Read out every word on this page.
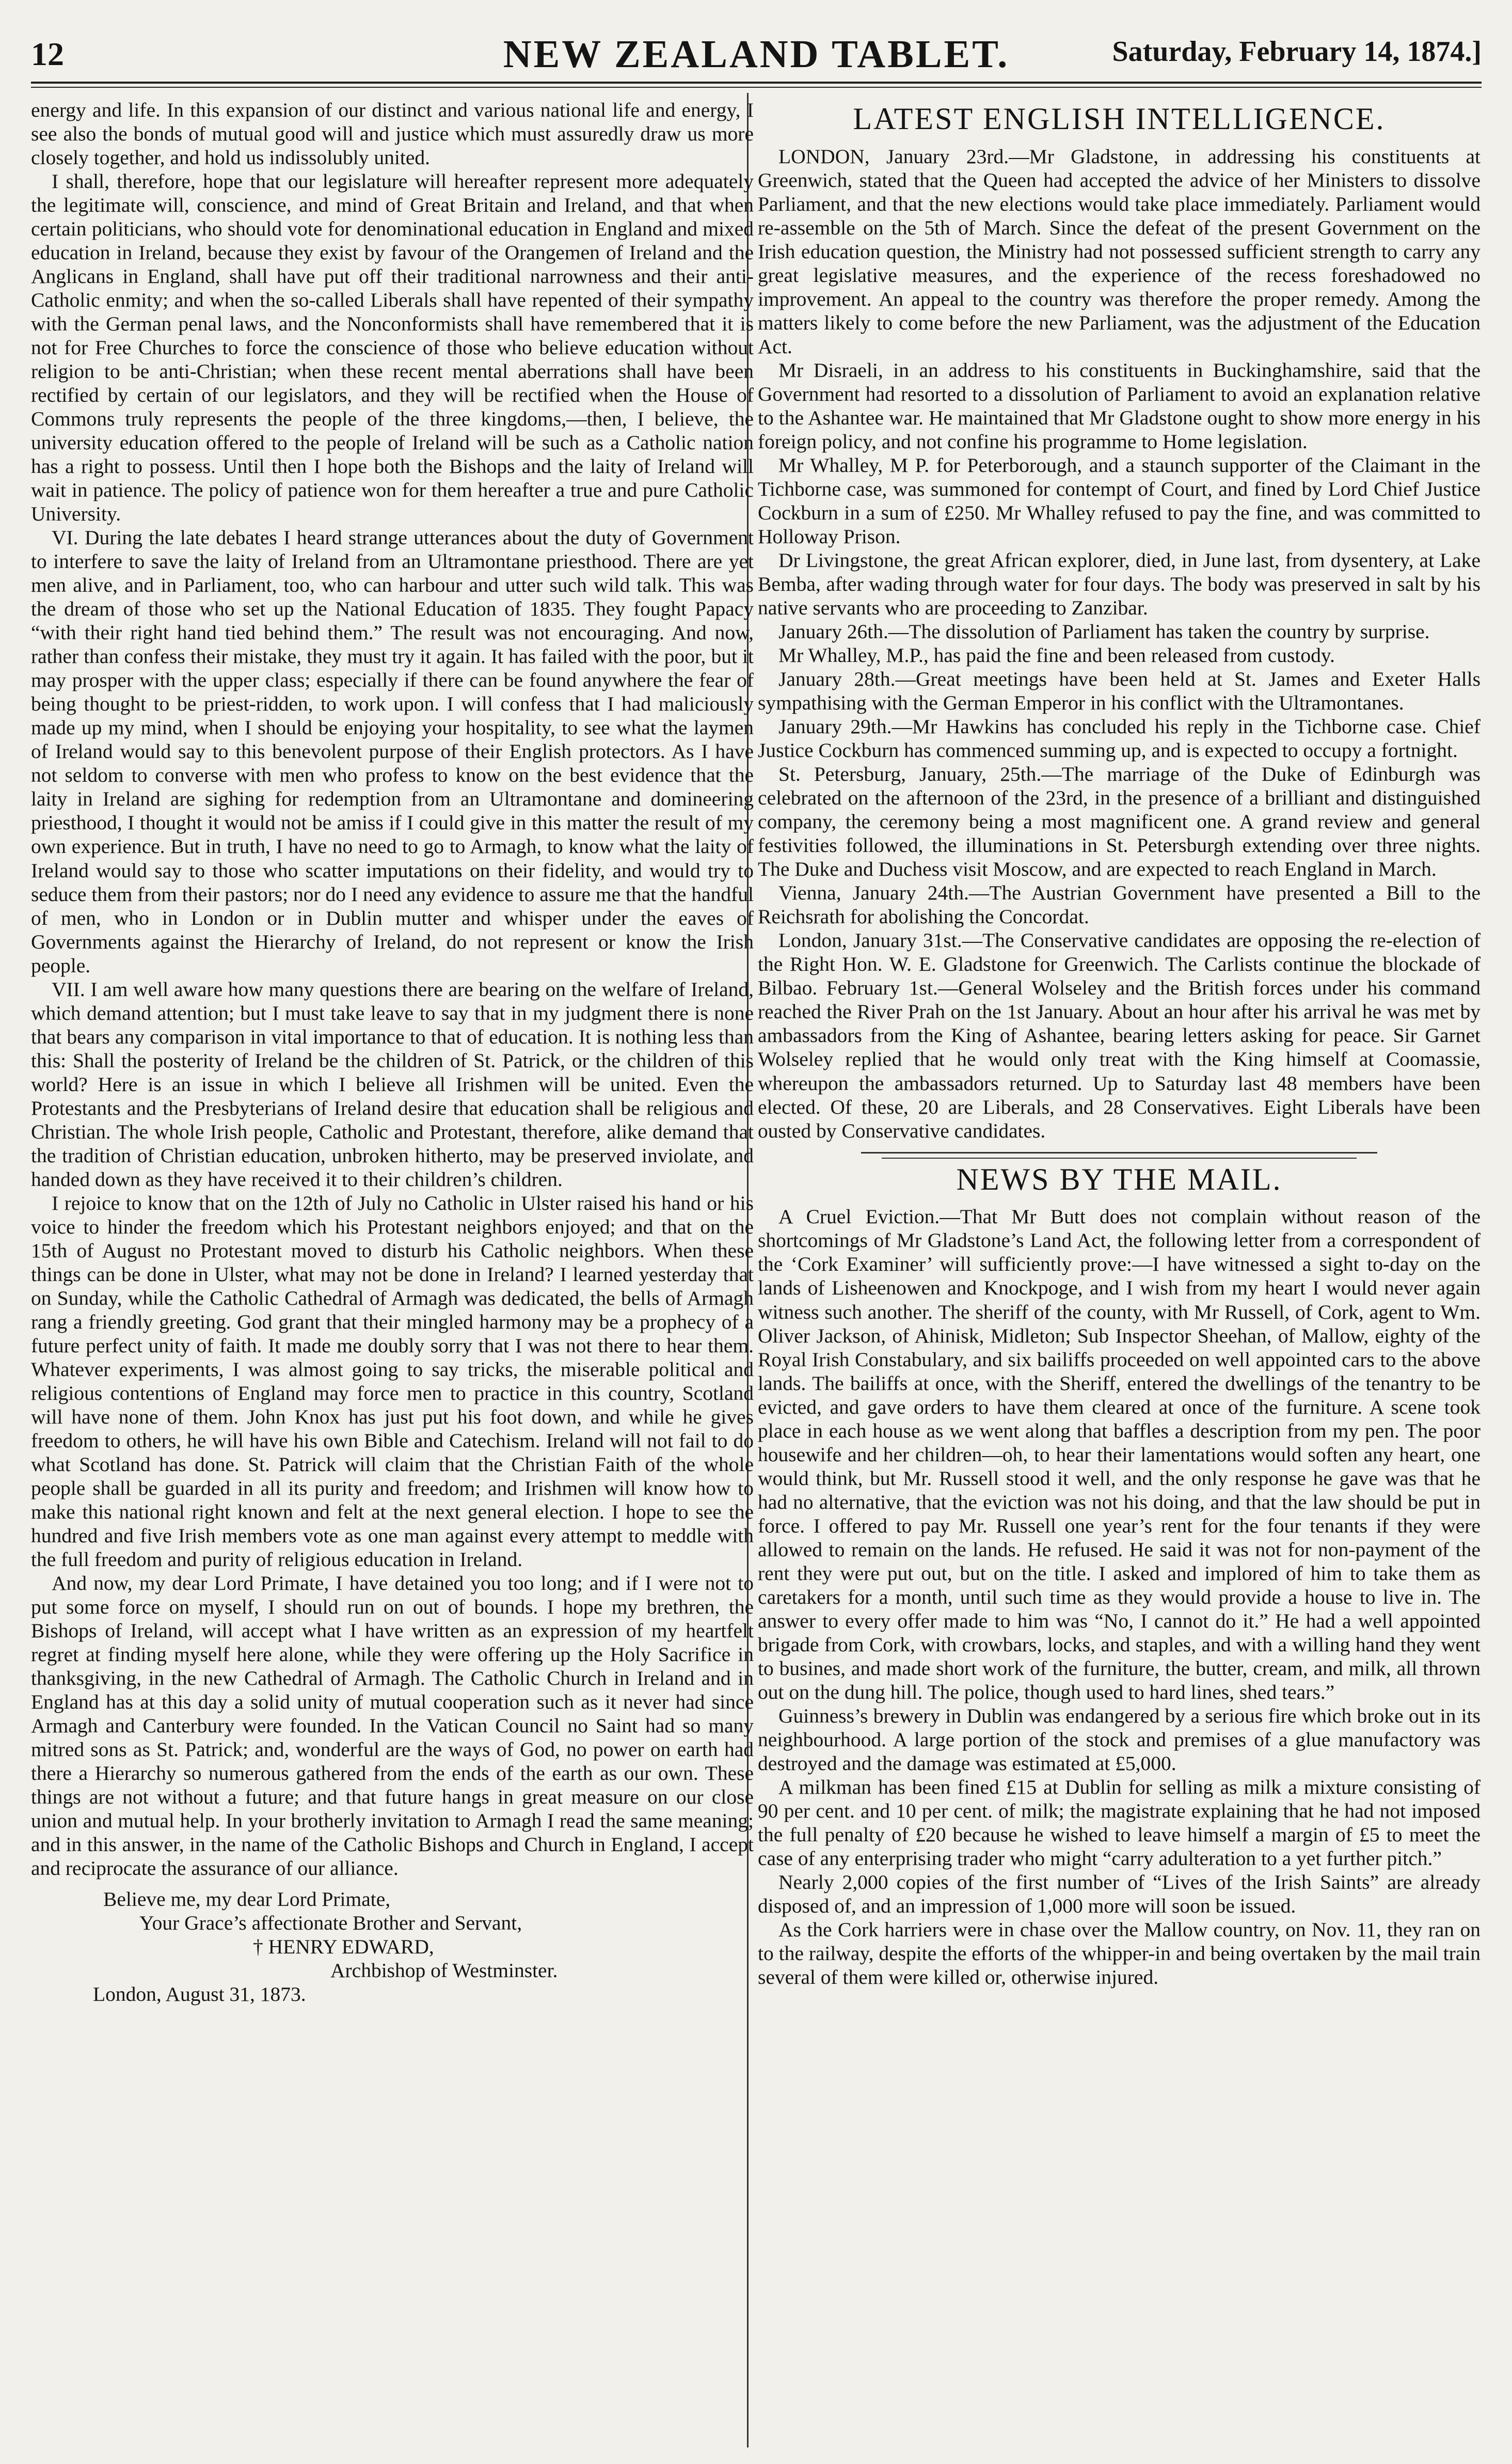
12	NEW ZEALAND TABLET.	Saturday, February 14, 1874.]

energy and life. In this expansion of our distinct and various national life and energy, I see also the bonds of mutual good will and justice which must assuredly draw us more closely together, and hold us indissolubly united.

I shall, therefore, hope that our legislature will hereafter represent more adequately the legitimate will, conscience, and mind of Great Britain and Ireland, and that when certain politicians, who should vote for denominational education in England and mixed education in Ireland, because they exist by favour of the Orangemen of Ireland and the Anglicans in England, shall have put off their traditional narrowness and their anti-Catholic enmity; and when the so-called Liberals shall have repented of their sympathy with the German penal laws, and the Nonconformists shall have remembered that it is not for Free Churches to force the conscience of those who believe education without religion to be anti-Christian; when these recent mental aberrations shall have been rectified by certain of our legislators, and they will be rectified when the House of Commons truly represents the people of the three kingdoms,—then, I believe, the university education offered to the people of Ireland will be such as a Catholic nation has a right to possess. Until then I hope both the Bishops and the laity of Ireland will wait in patience. The policy of patience won for them hereafter a true and pure Catholic University.

VI. During the late debates I heard strange utterances about the duty of Government to interfere to save the laity of Ireland from an Ultramontane priesthood. There are yet men alive, and in Parliament, too, who can harbour and utter such wild talk. This was the dream of those who set up the National Education of 1835. They fought Papacy “with their right hand tied behind them.” The result was not encouraging. And now, rather than confess their mistake, they must try it again. It has failed with the poor, but it may prosper with the upper class; especially if there can be found anywhere the fear of being thought to be priest-ridden, to work upon. I will confess that I had maliciously made up my mind, when I should be enjoying your hospitality, to see what the laymen of Ireland would say to this benevolent purpose of their English protectors. As I have not seldom to converse with men who profess to know on the best evidence that the laity in Ireland are sighing for redemption from an Ultramontane and domineering priesthood, I thought it would not be amiss if I could give in this matter the result of my own experience. But in truth, I have no need to go to Armagh, to know what the laity of Ireland would say to those who scatter imputations on their fidelity, and would try to seduce them from their pastors; nor do I need any evidence to assure me that the handful of men, who in London or in Dublin mutter and whisper under the eaves of Governments against the Hierarchy of Ireland, do not represent or know the Irish people.

VII. I am well aware how many questions there are bearing on the welfare of Ireland, which demand attention; but I must take leave to say that in my judgment there is none that bears any comparison in vital importance to that of education. It is nothing less than this: Shall the posterity of Ireland be the children of St. Patrick, or the children of this world? Here is an issue in which I believe all Irishmen will be united. Even the Protestants and the Presbyterians of Ireland desire that education shall be religious and Christian. The whole Irish people, Catholic and Protestant, therefore, alike demand that the tradition of Christian education, unbroken hitherto, may be preserved inviolate, and handed down as they have received it to their children’s children.

I rejoice to know that on the 12th of July no Catholic in Ulster raised his hand or his voice to hinder the freedom which his Protestant neighbors enjoyed; and that on the 15th of August no Protestant moved to disturb his Catholic neighbors. When these things can be done in Ulster, what may not be done in Ireland? I learned yesterday that on Sunday, while the Catholic Cathedral of Armagh was dedicated, the bells of Armagh rang a friendly greeting. God grant that their mingled harmony may be a prophecy of a future perfect unity of faith. It made me doubly sorry that I was not there to hear them. Whatever experiments, I was almost going to say tricks, the miserable political and religious contentions of England may force men to practice in this country, Scotland will have none of them. John Knox has just put his foot down, and while he gives freedom to others, he will have his own Bible and Catechism. Ireland will not fail to do what Scotland has done. St. Patrick will claim that the Christian Faith of the whole people shall be guarded in all its purity and freedom; and Irishmen will know how to make this national right known and felt at the next general election. I hope to see the hundred and five Irish members vote as one man against every attempt to meddle with the full freedom and purity of religious education in Ireland.

And now, my dear Lord Primate, I have detained you too long; and if I were not to put some force on myself, I should run on out of bounds. I hope my brethren, the Bishops of Ireland, will accept what I have written as an expression of my heartfelt regret at finding myself here alone, while they were offering up the Holy Sacrifice in thanksgiving, in the new Cathedral of Armagh. The Catholic Church in Ireland and in England has at this day a solid unity of mutual cooperation such as it never had since Armagh and Canterbury were founded. In the Vatican Council no Saint had so many mitred sons as St. Patrick; and, wonderful are the ways of God, no power on earth had there a Hierarchy so numerous gathered from the ends of the earth as our own. These things are not without a future; and that future hangs in great measure on our close union and mutual help. In your brotherly invitation to Armagh I read the same meaning; and in this answer, in the name of the Catholic Bishops and Church in England, I accept and reciprocate the assurance of our alliance.

Believe me, my dear Lord Primate,

Your Grace’s affectionate Brother and Servant,

† HENRY EDWARD,

Archbishop of Westminster.

London, August 31, 1873.

LATEST ENGLISH INTELLIGENCE.

LONDON, January 23rd.—Mr Gladstone, in addressing his constituents at Greenwich, stated that the Queen had accepted the advice of her Ministers to dissolve Parliament, and that the new elections would take place immediately. Parliament would re-assemble on the 5th of March. Since the defeat of the present Government on the Irish education question, the Ministry had not possessed sufficient strength to carry any great legislative measures, and the experience of the recess foreshadowed no improvement. An appeal to the country was therefore the proper remedy. Among the matters likely to come before the new Parliament, was the adjustment of the Education Act.

Mr Disraeli, in an address to his constituents in Buckinghamshire, said that the Government had resorted to a dissolution of Parliament to avoid an explanation relative to the Ashantee war. He maintained that Mr Gladstone ought to show more energy in his foreign policy, and not confine his programme to Home legislation.

Mr Whalley, M P. for Peterborough, and a staunch supporter of the Claimant in the Tichborne case, was summoned for contempt of Court, and fined by Lord Chief Justice Cockburn in a sum of £250. Mr Whalley refused to pay the fine, and was committed to Holloway Prison.

Dr Livingstone, the great African explorer, died, in June last, from dysentery, at Lake Bemba, after wading through water for four days. The body was preserved in salt by his native servants who are proceeding to Zanzibar.

January 26th.—The dissolution of Parliament has taken the country by surprise.

Mr Whalley, M.P., has paid the fine and been released from custody.

January 28th.—Great meetings have been held at St. James and Exeter Halls sympathising with the German Emperor in his conflict with the Ultramontanes.

January 29th.—Mr Hawkins has concluded his reply in the Tichborne case. Chief Justice Cockburn has commenced summing up, and is expected to occupy a fortnight.

St. Petersburg, January, 25th.—The marriage of the Duke of Edinburgh was celebrated on the afternoon of the 23rd, in the presence of a brilliant and distinguished company, the ceremony being a most magnificent one. A grand review and general festivities followed, the illuminations in St. Petersburgh extending over three nights. The Duke and Duchess visit Moscow, and are expected to reach England in March.

Vienna, January 24th.—The Austrian Government have presented a Bill to the Reichsrath for abolishing the Concordat.

London, January 31st.—The Conservative candidates are opposing the re-election of the Right Hon. W. E. Gladstone for Greenwich. The Carlists continue the blockade of Bilbao. February 1st.—General Wolseley and the British forces under his command reached the River Prah on the 1st January. About an hour after his arrival he was met by ambassadors from the King of Ashantee, bearing letters asking for peace. Sir Garnet Wolseley replied that he would only treat with the King himself at Coomassie, whereupon the ambassadors returned. Up to Saturday last 48 members have been elected. Of these, 20 are Liberals, and 28 Conservatives. Eight Liberals have been ousted by Conservative candidates.

NEWS BY THE MAIL.

A Cruel Eviction.—That Mr Butt does not complain without reason of the shortcomings of Mr Gladstone’s Land Act, the following letter from a correspondent of the ‘Cork Examiner’ will sufficiently prove:—I have witnessed a sight to-day on the lands of Lisheenowen and Knockpoge, and I wish from my heart I would never again witness such another. The sheriff of the county, with Mr Russell, of Cork, agent to Wm. Oliver Jackson, of Ahinisk, Midleton; Sub Inspector Sheehan, of Mallow, eighty of the Royal Irish Constabulary, and six bailiffs proceeded on well appointed cars to the above lands. The bailiffs at once, with the Sheriff, entered the dwellings of the tenantry to be evicted, and gave orders to have them cleared at once of the furniture. A scene took place in each house as we went along that baffles a description from my pen. The poor housewife and her children—oh, to hear their lamentations would soften any heart, one would think, but Mr. Russell stood it well, and the only response he gave was that he had no alternative, that the eviction was not his doing, and that the law should be put in force. I offered to pay Mr. Russell one year’s rent for the four tenants if they were allowed to remain on the lands. He refused. He said it was not for non-payment of the rent they were put out, but on the title. I asked and implored of him to take them as caretakers for a month, until such time as they would provide a house to live in. The answer to every offer made to him was “No, I cannot do it.” He had a well appointed brigade from Cork, with crowbars, locks, and staples, and with a willing hand they went to busines, and made short work of the furniture, the butter, cream, and milk, all thrown out on the dung hill. The police, though used to hard lines, shed tears.”

Guinness’s brewery in Dublin was endangered by a serious fire which broke out in its neighbourhood. A large portion of the stock and premises of a glue manufactory was destroyed and the damage was estimated at £5,000.

A milkman has been fined £15 at Dublin for selling as milk a mixture consisting of 90 per cent. and 10 per cent. of milk; the magistrate explaining that he had not imposed the full penalty of £20 because he wished to leave himself a margin of £5 to meet the case of any enterprising trader who might “carry adulteration to a yet further pitch.”

Nearly 2,000 copies of the first number of “Lives of the Irish Saints” are already disposed of, and an impression of 1,000 more will soon be issued.

As the Cork harriers were in chase over the Mallow country, on Nov. 11, they ran on to the railway, despite the efforts of the whipper-in and being overtaken by the mail train several of them were killed or, otherwise injured.
